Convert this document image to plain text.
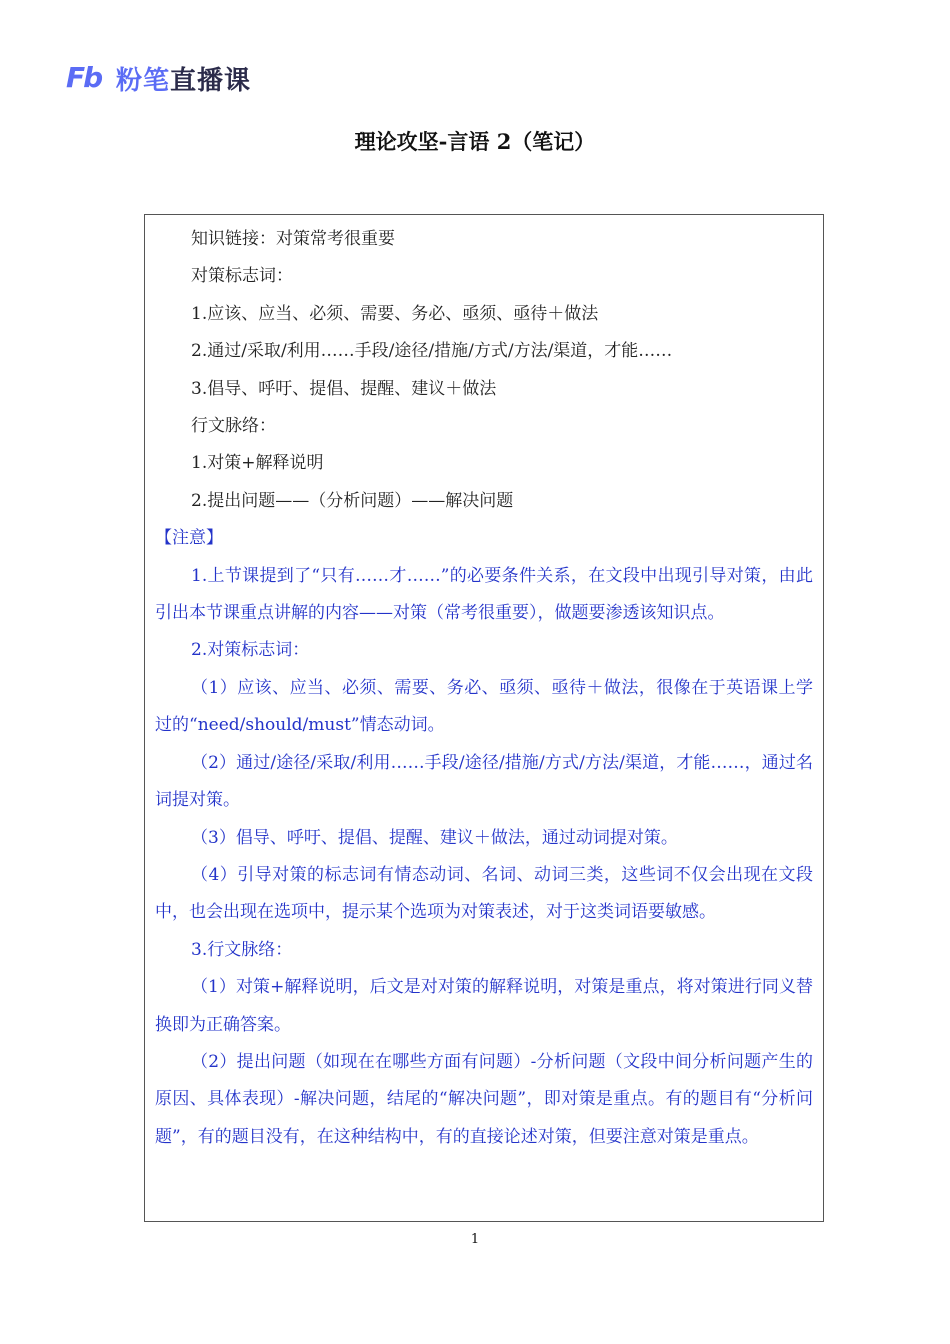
Fb 粉笔直播课
理论攻坚-言语 2（笔记）

知识链接：对策常考很重要

对策标志词：

1.应该、应当、必须、需要、务必、亟须、亟待＋做法

2.通过/采取/利用……手段/途径/措施/方式/方法/渠道，才能……

3.倡导、呼吁、提倡、提醒、建议＋做法

行文脉络：

1.对策+解释说明

2.提出问题——（分析问题）——解决问题

【注意】

1.上节课提到了“只有……才……”的必要条件关系，在文段中出现引导对策，由此引出本节课重点讲解的内容——对策（常考很重要），做题要渗透该知识点。

2.对策标志词：

（1）应该、应当、必须、需要、务必、亟须、亟待＋做法，很像在于英语课上学过的“need/should/must”情态动词。

（2）通过/途径/采取/利用……手段/途径/措施/方式/方法/渠道，才能……，通过名词提对策。

（3）倡导、呼吁、提倡、提醒、建议＋做法，通过动词提对策。

（4）引导对策的标志词有情态动词、名词、动词三类，这些词不仅会出现在文段中，也会出现在选项中，提示某个选项为对策表述，对于这类词语要敏感。

3.行文脉络：

（1）对策+解释说明，后文是对对策的解释说明，对策是重点，将对策进行同义替换即为正确答案。

（2）提出问题（如现在在哪些方面有问题）-分析问题（文段中间分析问题产生的原因、具体表现）-解决问题，结尾的“解决问题”，即对策是重点。有的题目有“分析问题”，有的题目没有，在这种结构中，有的直接论述对策，但要注意对策是重点。

1
